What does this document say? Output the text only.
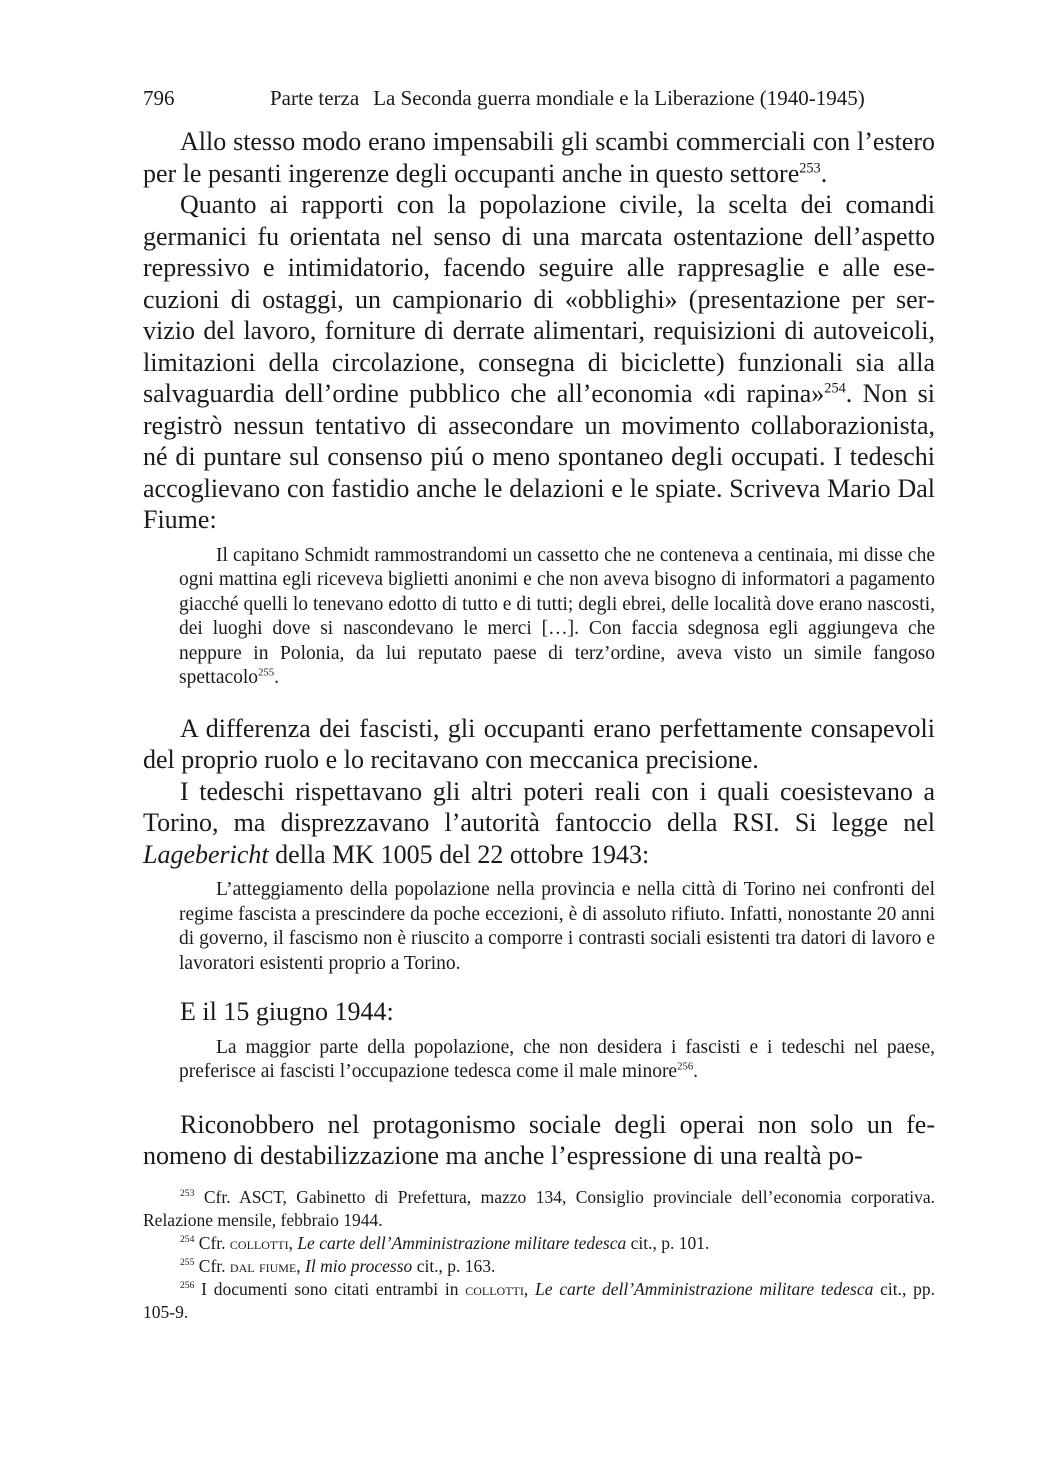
796	Parte terza La Seconda guerra mondiale e la Liberazione (1940-1945)

Allo stesso modo erano impensabili gli scambi commerciali con l’estero per le pesanti ingerenze degli occupanti anche in questo settore$^{253}$.

Quanto ai rapporti con la popolazione civile, la scelta dei comandi germanici fu orientata nel senso di una marcata ostentazione dell’aspetto repressivo e intimidatorio, facendo seguire alle rappresaglie e alle esecuzioni di ostaggi, un campionario di «obblighi» (presentazione per servizio del lavoro, forniture di derrate alimentari, requisizioni di autoveicoli, limitazioni della circolazione, consegna di biciclette) funzionali sia alla salvaguardia dell’ordine pubblico che all’economia «di rapina»$^{254}$. Non si registrò nessun tentativo di assecondare un movimento collaborazionista, né di puntare sul consenso piú o meno spontaneo degli occupati. I tedeschi accoglievano con fastidio anche le delazioni e le spiate. Scriveva Mario Dal Fiume:

Il capitano Schmidt rammostrandomi un cassetto che ne conteneva a centinaia, mi disse che ogni mattina egli riceveva biglietti anonimi e che non aveva bisogno di informatori a pagamento giacché quelli lo tenevano edotto di tutto e di tutti; degli ebrei, delle località dove erano nascosti, dei luoghi dove si nascondevano le merci […]. Con faccia sdegnosa egli aggiungeva che neppure in Polonia, da lui reputato paese di terz’ordine, aveva visto un simile fangoso spettacolo$^{255}$.

A differenza dei fascisti, gli occupanti erano perfettamente consapevoli del proprio ruolo e lo recitavano con meccanica precisione.

I tedeschi rispettavano gli altri poteri reali con i quali coesistevano a Torino, ma disprezzavano l’autorità fantoccio della RSI. Si legge nel Lagebericht della MK 1005 del 22 ottobre 1943:

L’atteggiamento della popolazione nella provincia e nella città di Torino nei confronti del regime fascista a prescindere da poche eccezioni, è di assoluto rifiuto. Infatti, nonostante 20 anni di governo, il fascismo non è riuscito a comporre i contrasti sociali esistenti tra datori di lavoro e lavoratori esistenti proprio a Torino.

E il 15 giugno 1944:

La maggior parte della popolazione, che non desidera i fascisti e i tedeschi nel paese, preferisce ai fascisti l’occupazione tedesca come il male minore$^{256}$.

Riconobbero nel protagonismo sociale degli operai non solo un fenomeno di destabilizzazione ma anche l’espressione di una realtà po-

$^{253}$ Cfr. ASCT, Gabinetto di Prefettura, mazzo 134, Consiglio provinciale dell’economia corporativa. Relazione mensile, febbraio 1944.

$^{254}$ Cfr. collotti, Le carte dell’Amministrazione militare tedesca cit., p. 101.

$^{255}$ Cfr. dal fiume, Il mio processo cit., p. 163.

$^{256}$ I documenti sono citati entrambi in collotti, Le carte dell’Amministrazione militare tedesca cit., pp. 105-9.
